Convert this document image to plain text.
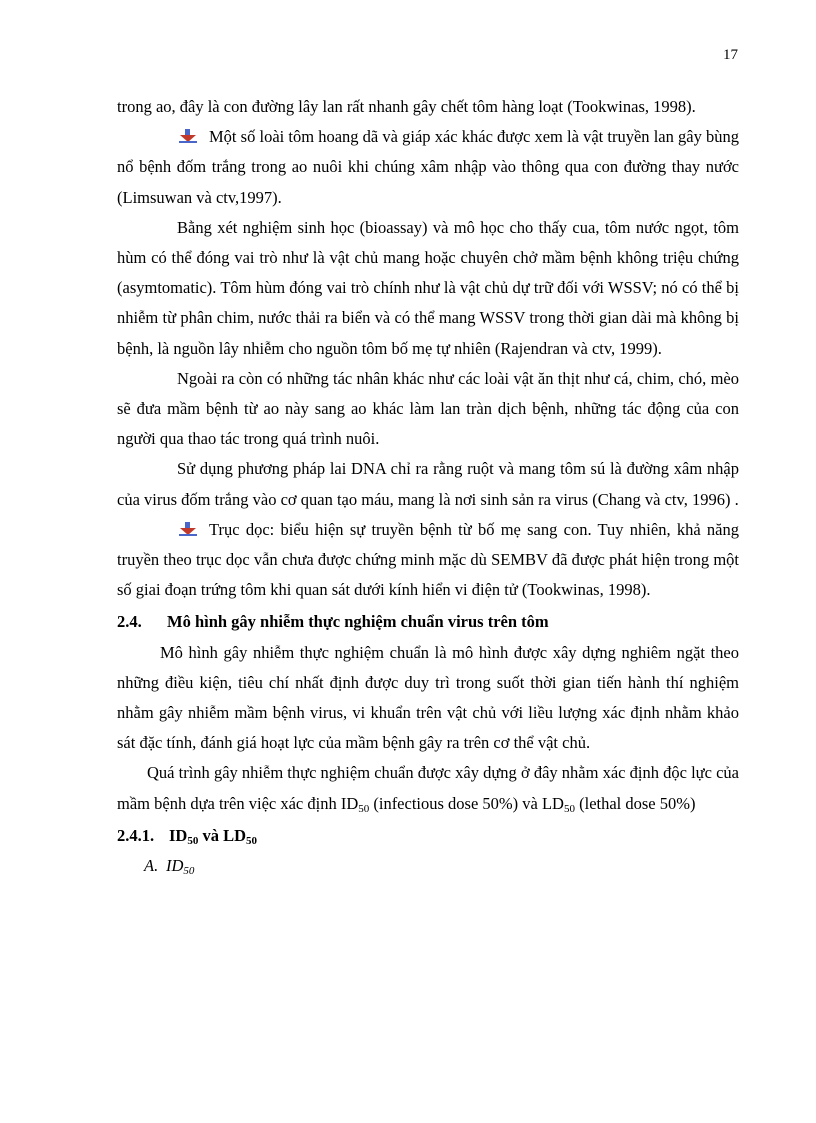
17

trong ao, đây là con đường lây lan rất nhanh gây chết tôm hàng loạt (Tookwinas, 1998).

Một số loài tôm hoang dã và giáp xác khác được xem là vật truyền lan gây bùng nổ bệnh đốm trắng trong ao nuôi khi chúng xâm nhập vào thông qua con đường thay nước (Limsuwan và ctv,1997).

Bằng xét nghiệm sinh học (bioassay) và mô học cho thấy cua, tôm nước ngọt, tôm hùm có thể đóng vai trò như là vật chủ mang hoặc chuyên chở mầm bệnh không triệu chứng (asymtomatic). Tôm hùm đóng vai trò chính như là vật chủ dự trữ đối với WSSV; nó có thể bị nhiễm từ phân chim, nước thải ra biển và có thể mang WSSV trong thời gian dài mà không bị bệnh, là nguồn lây nhiễm cho nguồn tôm bố mẹ tự nhiên (Rajendran và ctv, 1999).

Ngoài ra còn có những tác nhân khác như các loài vật ăn thịt như cá, chim, chó, mèo sẽ đưa mầm bệnh từ ao này sang ao khác làm lan tràn dịch bệnh, những tác động của con người qua thao tác trong quá trình nuôi.

Sử dụng phương pháp lai DNA chỉ ra rằng ruột và mang tôm sú là đường xâm nhập của virus đốm trắng vào cơ quan tạo máu, mang là nơi sinh sản ra virus (Chang và ctv, 1996) .

Trục dọc: biểu hiện sự truyền bệnh từ bố mẹ sang con. Tuy nhiên, khả năng truyền theo trục dọc vẫn chưa được chứng minh mặc dù SEMBV đã được phát hiện trong một số giai đoạn trứng tôm khi quan sát dưới kính hiển vi điện tử (Tookwinas, 1998).

2.4. Mô hình gây nhiễm thực nghiệm chuẩn virus trên tôm

Mô hình gây nhiễm thực nghiệm chuẩn là mô hình được xây dựng nghiêm ngặt theo những điều kiện, tiêu chí nhất định được duy trì trong suốt thời gian tiến hành thí nghiệm nhằm gây nhiễm mầm bệnh virus, vi khuẩn trên vật chủ với liều lượng xác định nhằm khảo sát đặc tính, đánh giá hoạt lực của mầm bệnh gây ra trên cơ thể vật chủ.

Quá trình gây nhiễm thực nghiệm chuẩn được xây dựng ở đây nhằm xác định độc lực của mầm bệnh dựa trên việc xác định $ID_{50}$ (infectious dose 50%) và $LD_{50}$ (lethal dose 50%)

2.4.1. $ID_{50}$ và $LD_{50}$

A. $ID_{50}$
